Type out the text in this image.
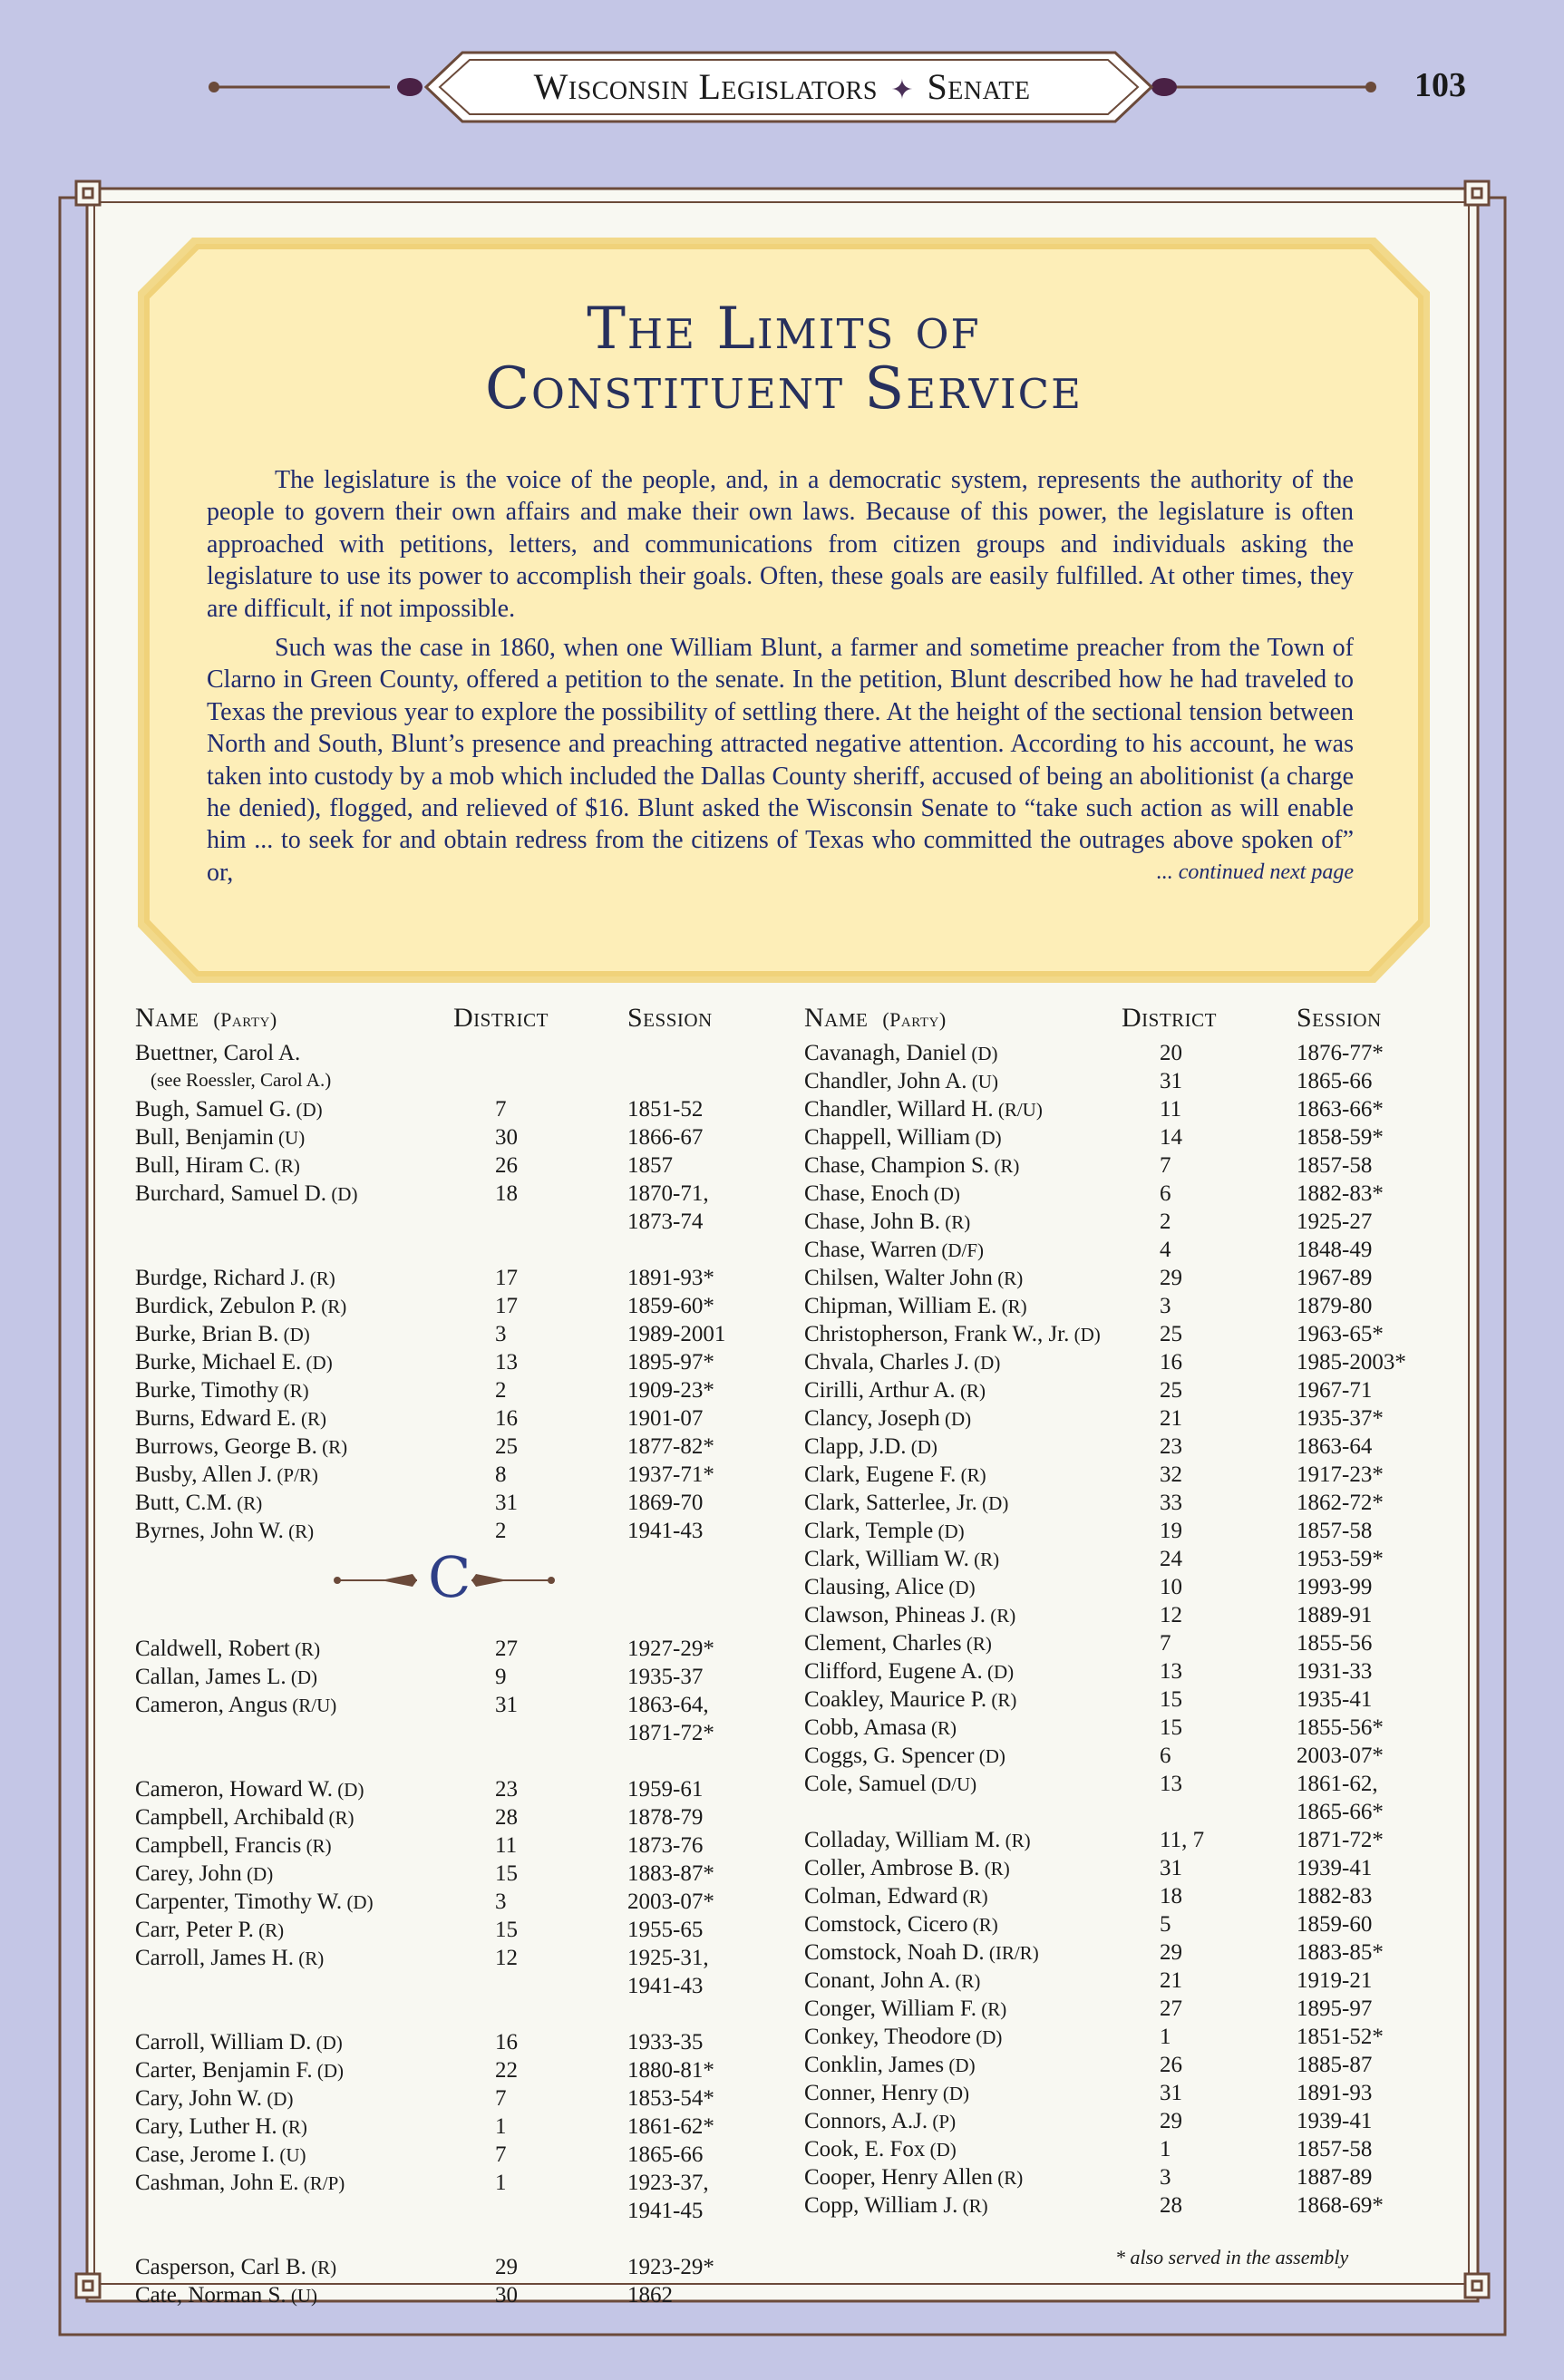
Wisconsin Legislators ✦ Senate	103
The Limits of
Constituent Service

The legislature is the voice of the people, and, in a democratic system, represents the authority of the people to govern their own affairs and make their own laws. Because of this power, the legislature is often approached with petitions, letters, and communications from citizen groups and individuals asking the legislature to use its power to accomplish their goals. Often, these goals are easily fulfilled. At other times, they are difficult, if not impossible.

Such was the case in 1860, when one William Blunt, a farmer and sometime preacher from the Town of Clarno in Green County, offered a petition to the senate. In the petition, Blunt described how he had traveled to Texas the previous year to explore the possibility of settling there. At the height of the sectional tension between North and South, Blunt’s presence and preaching attracted negative attention. According to his account, he was taken into custody by a mob which included the Dallas County sheriff, accused of being an abolitionist (a charge he denied), flogged, and relieved of $16. Blunt asked the Wisconsin Senate to “take such action as will enable him ... to seek for and obtain redress from the citizens of Texas who committed the outrages above spoken of” or,	... continued next page

Name (Party)	District	Session
Buettner, Carol A.
(see Roessler, Carol A.)
Bugh, Samuel G. (D)	7	1851-52
Bull, Benjamin (U)	30	1866-67
Bull, Hiram C. (R)	26	1857
Burchard, Samuel D. (D)	18	1870-71,
1873-74
Burdge, Richard J. (R)	17	1891-93*
Burdick, Zebulon P. (R)	17	1859-60*
Burke, Brian B. (D)	3	1989-2001
Burke, Michael E. (D)	13	1895-97*
Burke, Timothy (R)	2	1909-23*
Burns, Edward E. (R)	16	1901-07
Burrows, George B. (R)	25	1877-82*
Busby, Allen J. (P/R)	8	1937-71*
Butt, C.M. (R)	31	1869-70
Byrnes, John W. (R)	2	1941-43
Caldwell, Robert (R)	27	1927-29*
Callan, James L. (D)	9	1935-37
Cameron, Angus (R/U)	31	1863-64,
1871-72*
Cameron, Howard W. (D)	23	1959-61
Campbell, Archibald (R)	28	1878-79
Campbell, Francis (R)	11	1873-76
Carey, John (D)	15	1883-87*
Carpenter, Timothy W. (D)	3	2003-07*
Carr, Peter P. (R)	15	1955-65
Carroll, James H. (R)	12	1925-31,
1941-43
Carroll, William D. (D)	16	1933-35
Carter, Benjamin F. (D)	22	1880-81*
Cary, John W. (D)	7	1853-54*
Cary, Luther H. (R)	1	1861-62*
Case, Jerome I. (U)	7	1865-66
Cashman, John E. (R/P)	1	1923-37,
1941-45
Casperson, Carl B. (R)	29	1923-29*
Cate, Norman S. (U)	30	1862
C
Name (Party)	District	Session
Cavanagh, Daniel (D)	20	1876-77*
Chandler, John A. (U)	31	1865-66
Chandler, Willard H. (R/U)	11	1863-66*
Chappell, William (D)	14	1858-59*
Chase, Champion S. (R)	7	1857-58
Chase, Enoch (D)	6	1882-83*
Chase, John B. (R)	2	1925-27
Chase, Warren (D/F)	4	1848-49
Chilsen, Walter John (R)	29	1967-89
Chipman, William E. (R)	3	1879-80
Christopherson, Frank W., Jr. (D)	25	1963-65*
Chvala, Charles J. (D)	16	1985-2003*
Cirilli, Arthur A. (R)	25	1967-71
Clancy, Joseph (D)	21	1935-37*
Clapp, J.D. (D)	23	1863-64
Clark, Eugene F. (R)	32	1917-23*
Clark, Satterlee, Jr. (D)	33	1862-72*
Clark, Temple (D)	19	1857-58
Clark, William W. (R)	24	1953-59*
Clausing, Alice (D)	10	1993-99
Clawson, Phineas J. (R)	12	1889-91
Clement, Charles (R)	7	1855-56
Clifford, Eugene A. (D)	13	1931-33
Coakley, Maurice P. (R)	15	1935-41
Cobb, Amasa (R)	15	1855-56*
Coggs, G. Spencer (D)	6	2003-07*
Cole, Samuel (D/U)	13	1861-62,
1865-66*
Colladay, William M. (R)	11, 7	1871-72*
Coller, Ambrose B. (R)	31	1939-41
Colman, Edward (R)	18	1882-83
Comstock, Cicero (R)	5	1859-60
Comstock, Noah D. (IR/R)	29	1883-85*
Conant, John A. (R)	21	1919-21
Conger, William F. (R)	27	1895-97
Conkey, Theodore (D)	1	1851-52*
Conklin, James (D)	26	1885-87
Conner, Henry (D)	31	1891-93
Connors, A.J. (P)	29	1939-41
Cook, E. Fox (D)	1	1857-58
Cooper, Henry Allen (R)	3	1887-89
Copp, William J. (R)	28	1868-69*
* also served in the assembly
